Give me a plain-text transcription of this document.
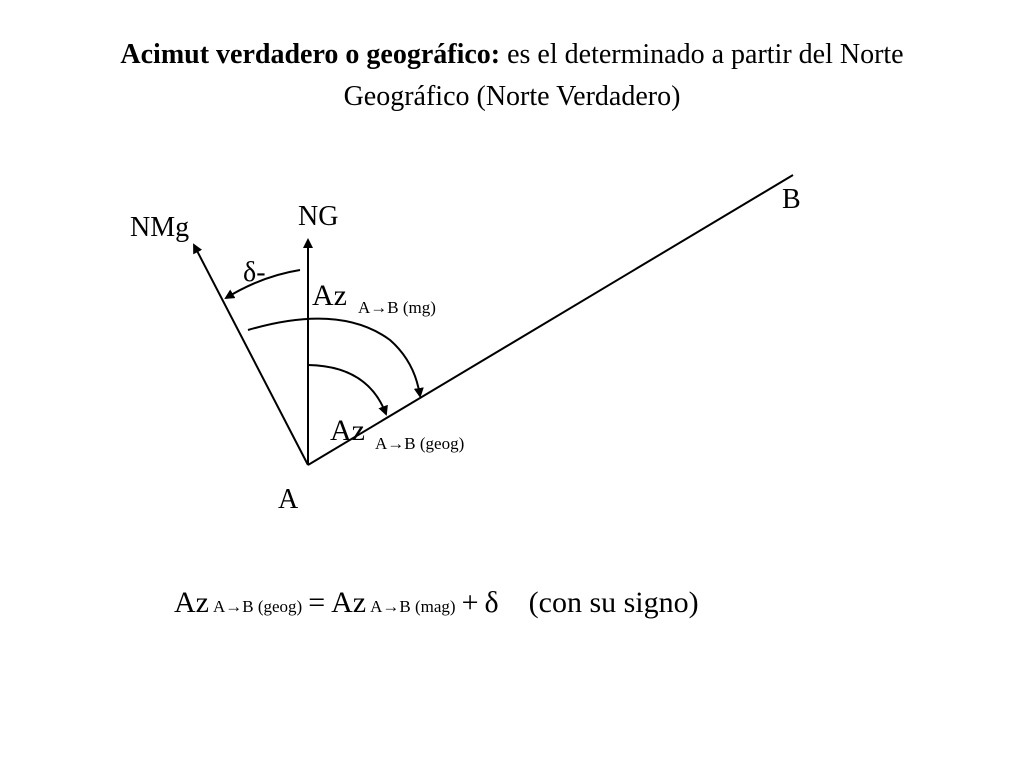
Acimut verdadero o geográfico: es el determinado a partir del Norte
Geográfico (Norte Verdadero)
A
B
NG
NMg
δ-
Az A→B (mg)
Az A→B (geog)
Az A→B (geog) = Az A→B (mag) + δ (con su signo)
